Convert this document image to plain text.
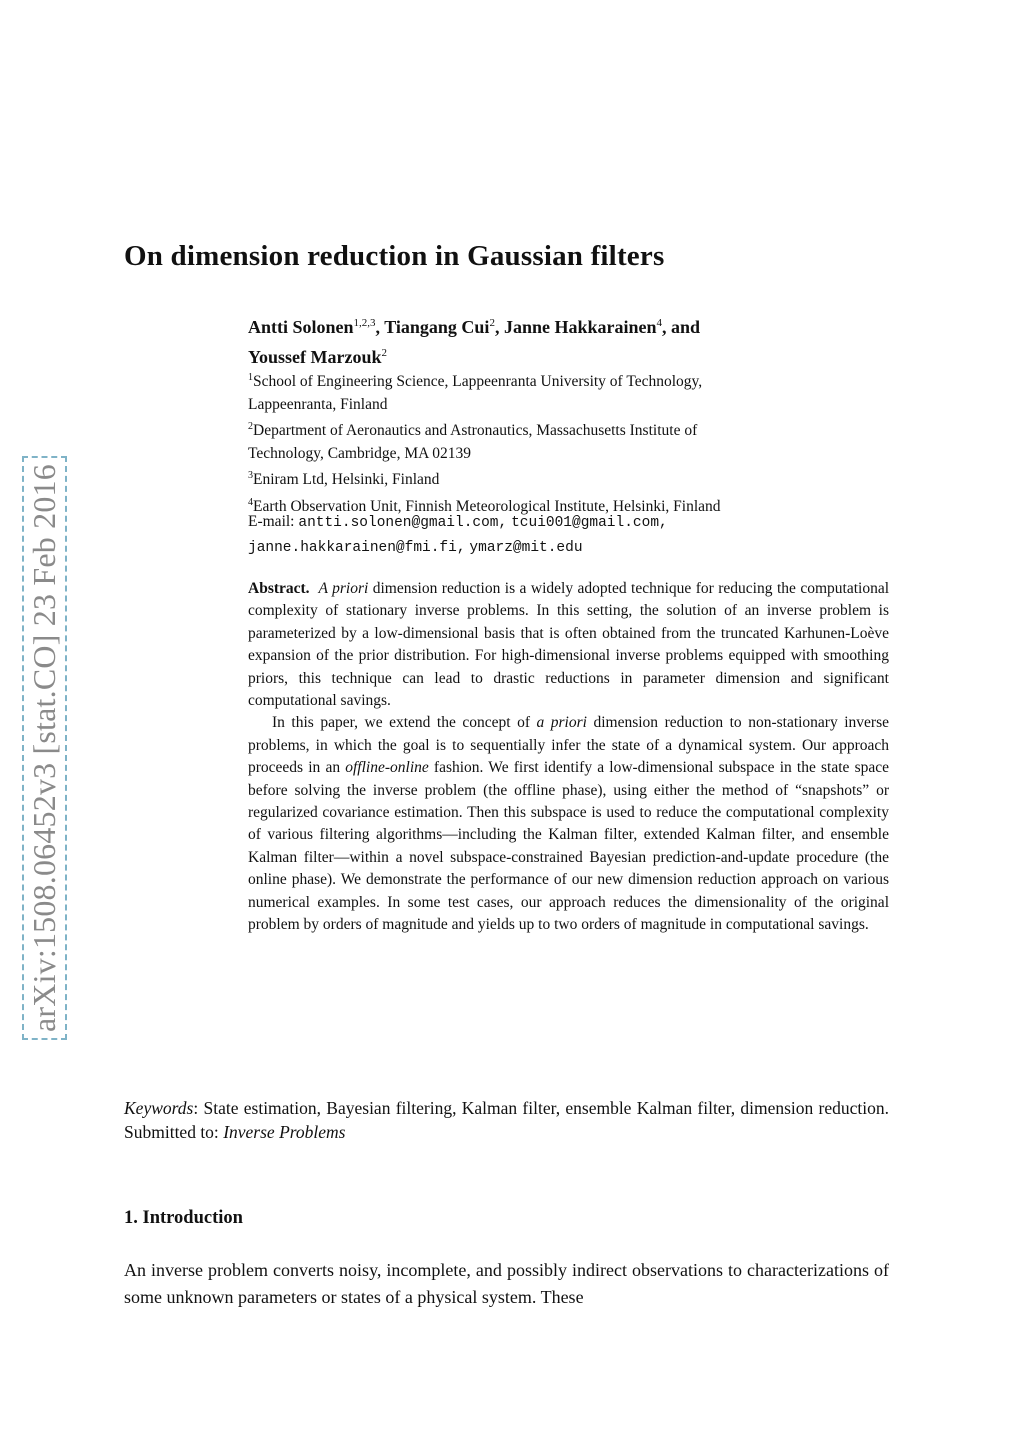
arXiv:1508.06452v3 [stat.CO] 23 Feb 2016
On dimension reduction in Gaussian filters
Antti Solonen$^{1,2,3}$, Tiangang Cui$^2$, Janne Hakkarainen$^4$, and
Youssef Marzouk$^2$
$^1$School of Engineering Science, Lappeenranta University of Technology,
Lappeenranta, Finland
$^2$Department of Aeronautics and Astronautics, Massachusetts Institute of
Technology, Cambridge, MA 02139
$^3$Eniram Ltd, Helsinki, Finland
$^4$Earth Observation Unit, Finnish Meteorological Institute, Helsinki, Finland
E-mail: antti.solonen@gmail.com, tcui001@gmail.com,
janne.hakkarainen@fmi.fi, ymarz@mit.edu

Abstract. A priori dimension reduction is a widely adopted technique for reducing the computational complexity of stationary inverse problems. In this setting, the solution of an inverse problem is parameterized by a low-dimensional basis that is often obtained from the truncated Karhunen-Loève expansion of the prior distribution. For high-dimensional inverse problems equipped with smoothing priors, this technique can lead to drastic reductions in parameter dimension and significant computational savings.

In this paper, we extend the concept of a priori dimension reduction to non-stationary inverse problems, in which the goal is to sequentially infer the state of a dynamical system. Our approach proceeds in an offline-online fashion. We first identify a low-dimensional subspace in the state space before solving the inverse problem (the offline phase), using either the method of “snapshots” or regularized covariance estimation. Then this subspace is used to reduce the computational complexity of various filtering algorithms—including the Kalman filter, extended Kalman filter, and ensemble Kalman filter—within a novel subspace-constrained Bayesian prediction-and-update procedure (the online phase). We demonstrate the performance of our new dimension reduction approach on various numerical examples. In some test cases, our approach reduces the dimensionality of the original problem by orders of magnitude and yields up to two orders of magnitude in computational savings.

Keywords: State estimation, Bayesian filtering, Kalman filter, ensemble Kalman filter, dimension reduction. Submitted to: Inverse Problems
1. Introduction

An inverse problem converts noisy, incomplete, and possibly indirect observations to characterizations of some unknown parameters or states of a physical system. These
